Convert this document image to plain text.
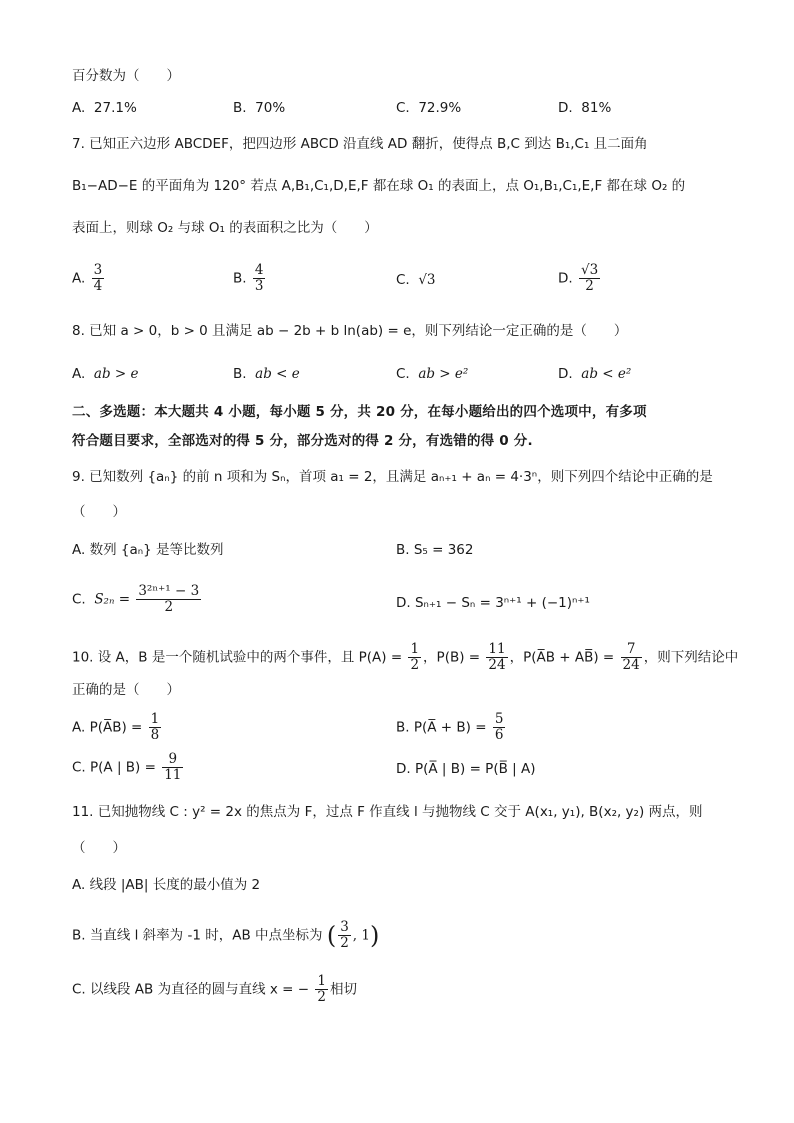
百分数为（　　）
A. 27.1%	B. 70%	C. 72.9%	D. 81%
7. 已知正六边形 ABCDEF，把四边形 ABCD 沿直线 AD 翻折，使得点 B,C 到达 B₁,C₁ 且二面角
B₁−AD−E 的平面角为 120° 若点 A,B₁,C₁,D,E,F 都在球 O₁ 的表面上，点 O₁,B₁,C₁,E,F 都在球 O₂ 的
表面上，则球 O₂ 与球 O₁ 的表面积之比为（　　）
A. $\frac{3}{4}$	B. $\frac{4}{3}$	C. √3	D. $\frac{√3}{2}$
8. 已知 a > 0，b > 0 且满足 ab − 2b + b ln(ab) = e，则下列结论一定正确的是（　　）
A. ab > e	B. ab < e	C. ab > e²	D. ab < e²
二、多选题：本大题共 4 小题，每小题 5 分，共 20 分，在每小题给出的四个选项中，有多项
符合题目要求，全部选对的得 5 分，部分选对的得 2 分，有选错的得 0 分.
9. 已知数列 {aₙ} 的前 n 项和为 Sₙ，首项 a₁ = 2，且满足 aₙ₊₁ + aₙ = 4·3ⁿ，则下列四个结论中正确的是
（　　）
A. 数列 {aₙ} 是等比数列	B. S₅ = 362
C. $S_{2n} = \frac{\text{3²ⁿ⁺¹ − 3}}{2}$	D. Sₙ₊₁ − Sₙ = 3ⁿ⁺¹ + (−1)ⁿ⁺¹
10. 设 A，B 是一个随机试验中的两个事件，且 $P(A) = \frac{1}{2}$ ，$P(B) = \frac{11}{24}$ ，P(A̅B + AB̅) = $\frac{7}{24}$ ，则下列结论中
正确的是（　　）
A. P(A̅B) = $\frac{1}{8}$	B. P(A̅ + $B) = \frac{5}{6}$
C. P(A | $B) = \frac{9}{11}$	D. P(A̅ | B) = P(B̅ | A)
11. 已知抛物线 C : y² = 2x 的焦点为 F，过点 F 作直线 l 与抛物线 C 交于 A(x₁, y₁), B(x₂, y₂) 两点，则
（　　）
A. 线段 |AB| 长度的最小值为 2
B. 当直线 l 斜率为 -1 时，AB 中点坐标为 ( $\frac{3}{2}$ , 1)
C. 以线段 AB 为直径的圆与直线 x = − $\frac{1}{2}$ 相切
